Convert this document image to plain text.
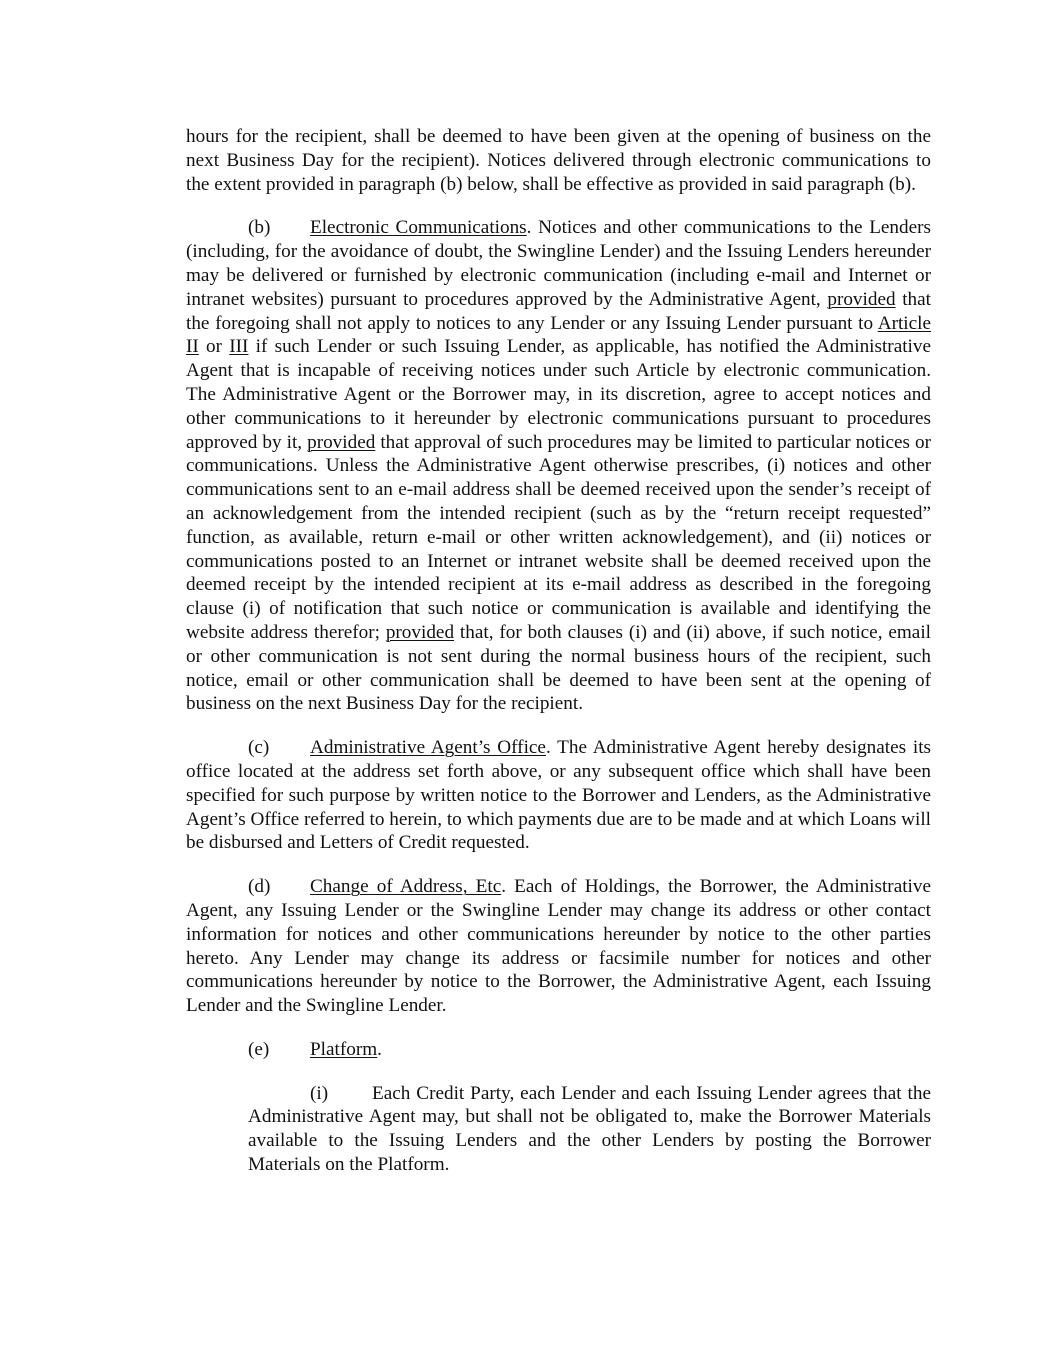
hours for the recipient, shall be deemed to have been given at the opening of business on the next Business Day for the recipient). Notices delivered through electronic communications to the extent provided in paragraph (b) below, shall be effective as provided in said paragraph (b).

(b) Electronic Communications. Notices and other communications to the Lenders (including, for the avoidance of doubt, the Swingline Lender) and the Issuing Lenders hereunder may be delivered or furnished by electronic communication (including e-mail and Internet or intranet websites) pursuant to procedures approved by the Administrative Agent, provided that the foregoing shall not apply to notices to any Lender or any Issuing Lender pursuant to Article II or III if such Lender or such Issuing Lender, as applicable, has notified the Administrative Agent that is incapable of receiving notices under such Article by electronic communication. The Administrative Agent or the Borrower may, in its discretion, agree to accept notices and other communications to it hereunder by electronic communications pursuant to procedures approved by it, provided that approval of such procedures may be limited to particular notices or communications. Unless the Administrative Agent otherwise prescribes, (i) notices and other communications sent to an e-mail address shall be deemed received upon the sender’s receipt of an acknowledgement from the intended recipient (such as by the “return receipt requested” function, as available, return e-mail or other written acknowledgement), and (ii) notices or communications posted to an Internet or intranet website shall be deemed received upon the deemed receipt by the intended recipient at its e-mail address as described in the foregoing clause (i) of notification that such notice or communication is available and identifying the website address therefor; provided that, for both clauses (i) and (ii) above, if such notice, email or other communication is not sent during the normal business hours of the recipient, such notice, email or other communication shall be deemed to have been sent at the opening of business on the next Business Day for the recipient.

(c) Administrative Agent’s Office. The Administrative Agent hereby designates its office located at the address set forth above, or any subsequent office which shall have been specified for such purpose by written notice to the Borrower and Lenders, as the Administrative Agent’s Office referred to herein, to which payments due are to be made and at which Loans will be disbursed and Letters of Credit requested.

(d) Change of Address, Etc. Each of Holdings, the Borrower, the Administrative Agent, any Issuing Lender or the Swingline Lender may change its address or other contact information for notices and other communications hereunder by notice to the other parties hereto. Any Lender may change its address or facsimile number for notices and other communications hereunder by notice to the Borrower, the Administrative Agent, each Issuing Lender and the Swingline Lender.

(e) Platform.

(i) Each Credit Party, each Lender and each Issuing Lender agrees that the Administrative Agent may, but shall not be obligated to, make the Borrower Materials available to the Issuing Lenders and the other Lenders by posting the Borrower Materials on the Platform.
